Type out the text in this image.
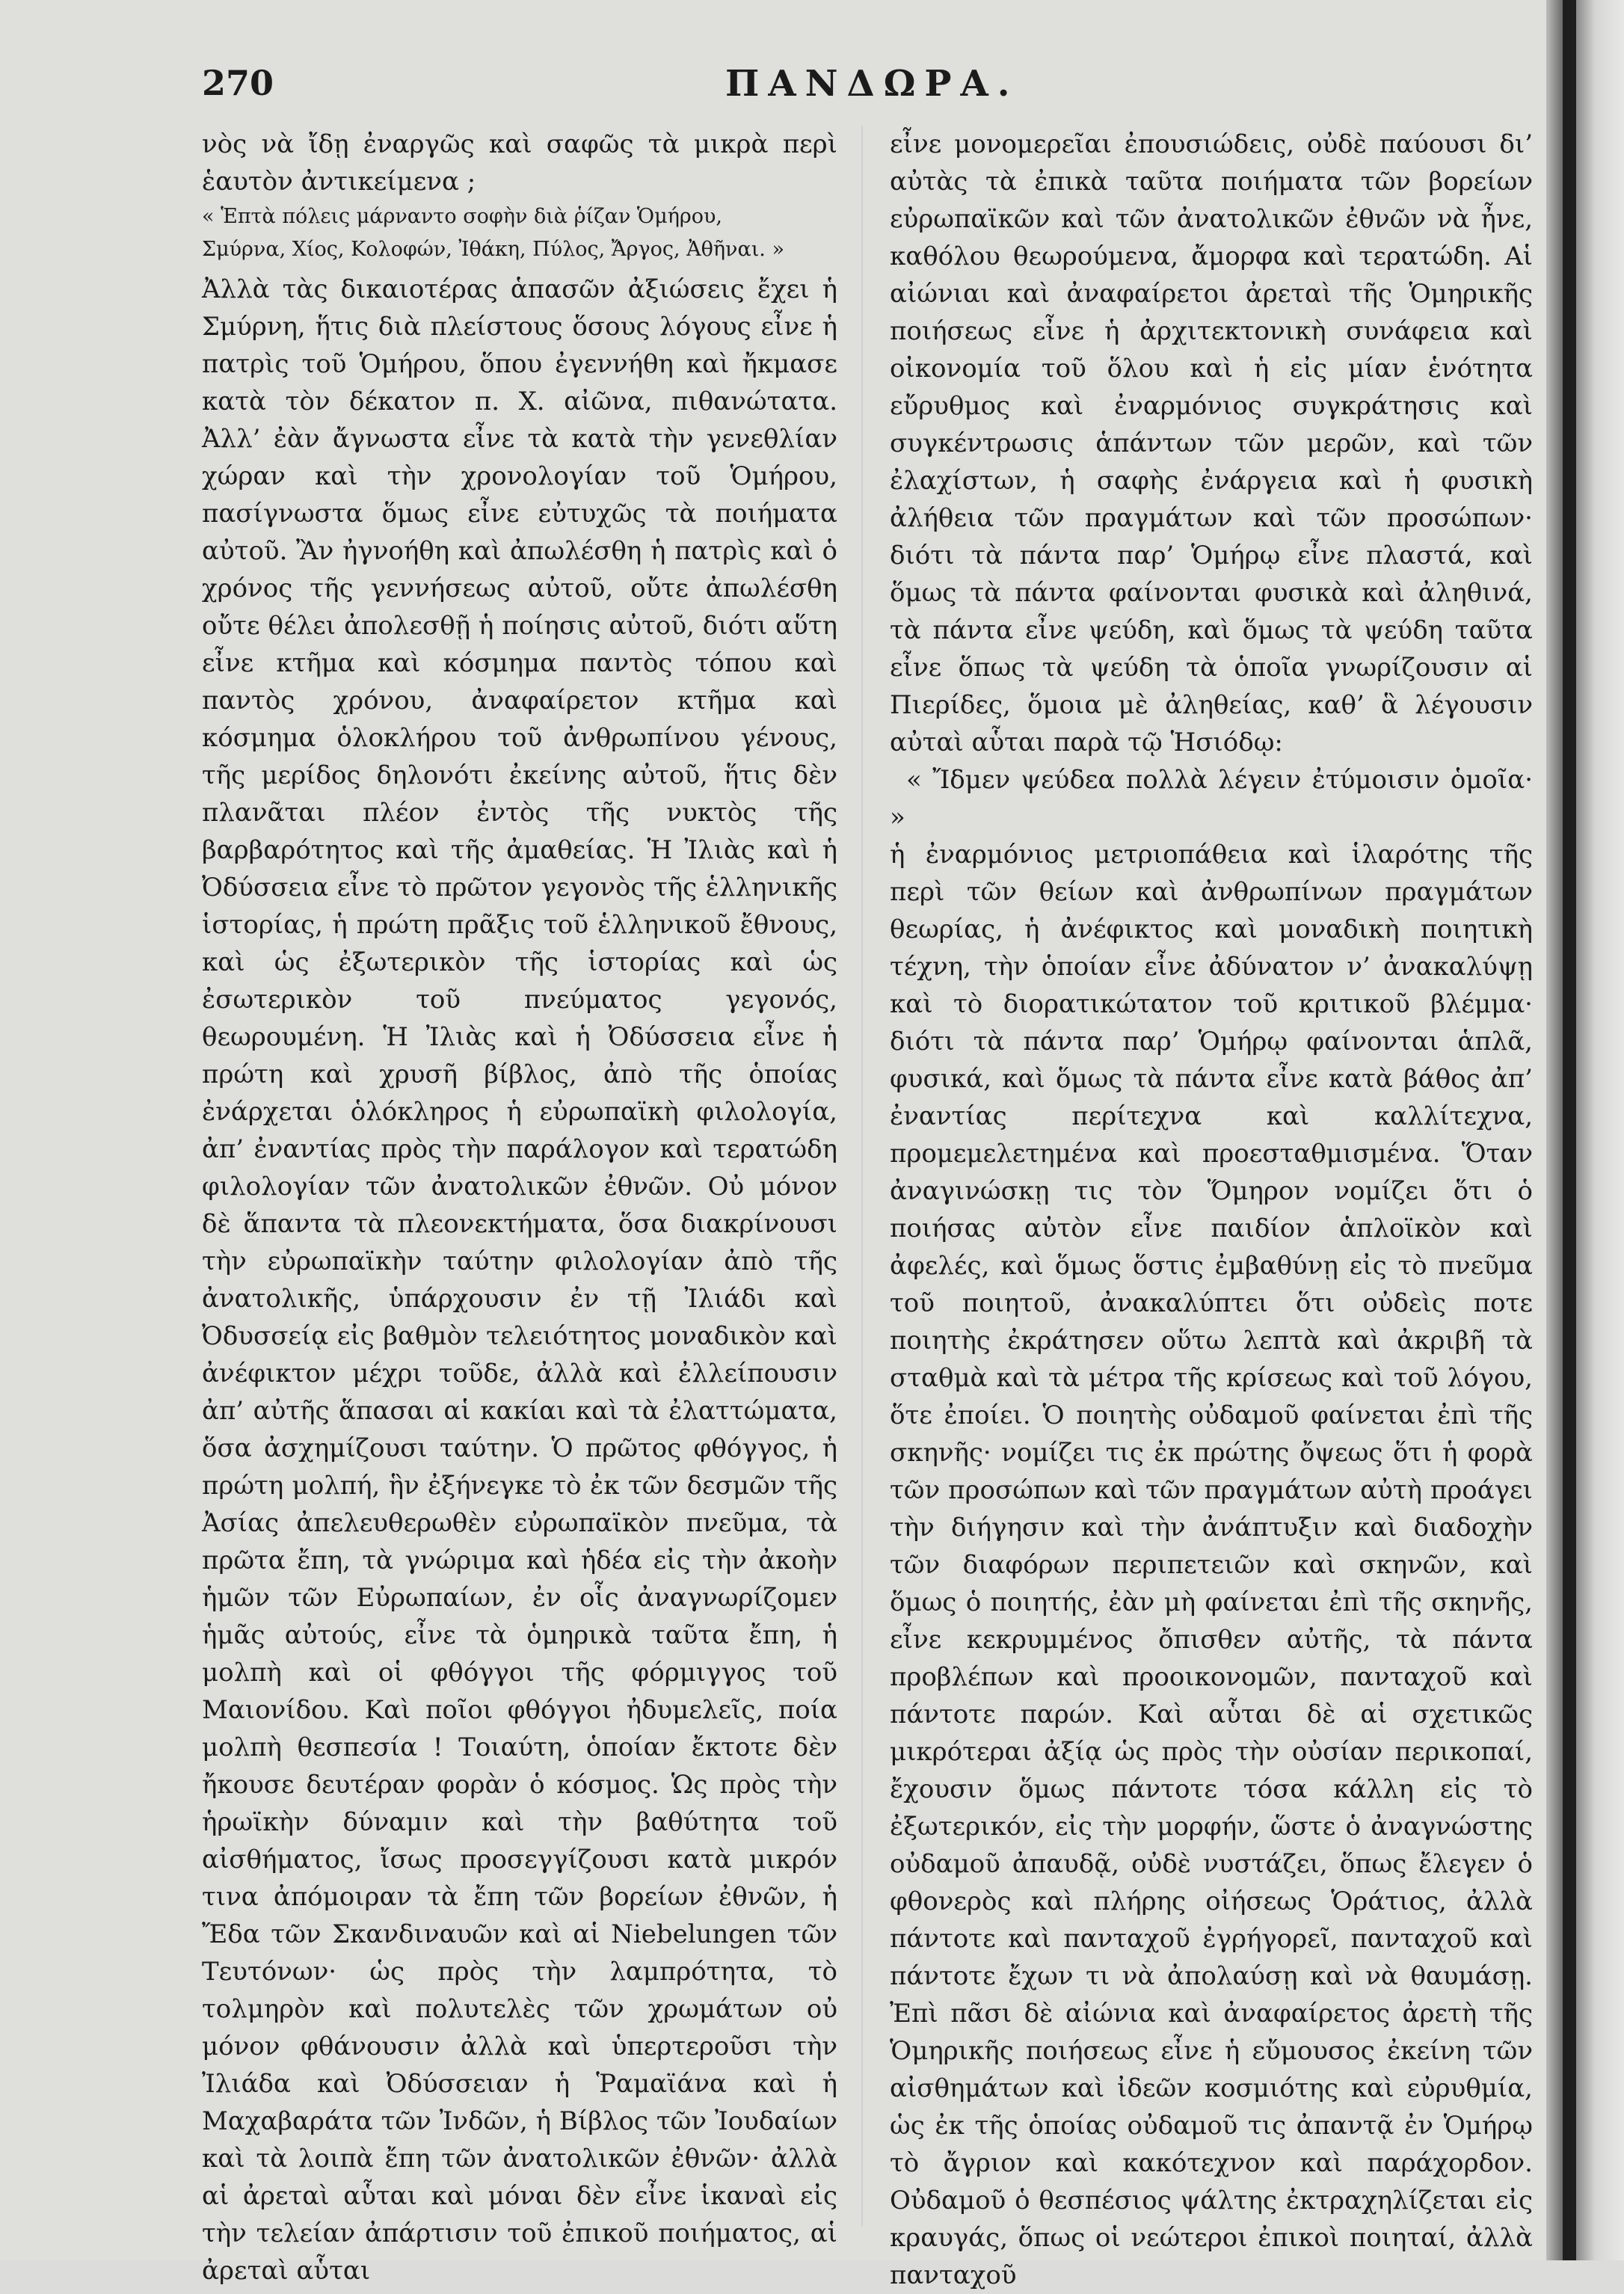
270	ΠΑΝΔΩΡΑ.

νὸς νὰ ἴδῃ ἐναργῶς καὶ σαφῶς τὰ μικρὰ περὶ ἑαυτὸν ἀντικείμενα ;

« Ἑπτὰ πόλεις μάρναντο σοφὴν διὰ ῥίζαν Ὁμήρου,
Σμύρνα, Χίος, Κολοφών, Ἰθάκη, Πύλος, Ἄργος, Ἀθῆναι. »

Ἀλλὰ τὰς δικαιοτέρας ἁπασῶν ἀξιώσεις ἔχει ἡ Σμύρνη, ἥτις διὰ πλείστους ὅσους λόγους εἶνε ἡ πατρὶς τοῦ Ὁμήρου, ὅπου ἐγεννήθη καὶ ἤκμασε κατὰ τὸν δέκατον π. Χ. αἰῶνα, πιθανώτατα. Ἀλλ’ ἐὰν ἄγνωστα εἶνε τὰ κατὰ τὴν γενεθλίαν χώραν καὶ τὴν χρονολογίαν τοῦ Ὁμήρου, πασίγνωστα ὅμως εἶνε εὐτυχῶς τὰ ποιήματα αὐτοῦ. Ἂν ἠγνοήθη καὶ ἀπωλέσθη ἡ πατρὶς καὶ ὁ χρόνος τῆς γεννήσεως αὐτοῦ, οὔτε ἀπωλέσθη οὔτε θέλει ἀπολεσθῇ ἡ ποίησις αὐτοῦ, διότι αὕτη εἶνε κτῆμα καὶ κόσμημα παντὸς τόπου καὶ παντὸς χρόνου, ἀναφαίρετον κτῆμα καὶ κόσμημα ὁλοκλήρου τοῦ ἀνθρωπίνου γένους, τῆς μερίδος δηλονότι ἐκείνης αὐτοῦ, ἥτις δὲν πλανᾶται πλέον ἐντὸς τῆς νυκτὸς τῆς βαρβαρότητος καὶ τῆς ἀμαθείας. Ἡ Ἰλιὰς καὶ ἡ Ὀδύσσεια εἶνε τὸ πρῶτον γεγονὸς τῆς ἑλληνικῆς ἱστορίας, ἡ πρώτη πρᾶξις τοῦ ἑλληνικοῦ ἔθνους, καὶ ὡς ἐξωτερικὸν τῆς ἱστορίας καὶ ὡς ἐσωτερικὸν τοῦ πνεύματος γεγονός, θεωρουμένη. Ἡ Ἰλιὰς καὶ ἡ Ὀδύσσεια εἶνε ἡ πρώτη καὶ χρυσῆ βίβλος, ἀπὸ τῆς ὁποίας ἐνάρχεται ὁλόκληρος ἡ εὐρωπαϊκὴ φιλολογία, ἀπ’ ἐναντίας πρὸς τὴν παράλογον καὶ τερατώδη φιλολογίαν τῶν ἀνατολικῶν ἐθνῶν. Οὐ μόνον δὲ ἅπαντα τὰ πλεονεκτήματα, ὅσα διακρίνουσι τὴν εὐρωπαϊκὴν ταύτην φιλολογίαν ἀπὸ τῆς ἀνατολικῆς, ὑπάρχουσιν ἐν τῇ Ἰλιάδι καὶ Ὀδυσσείᾳ εἰς βαθμὸν τελειότητος μοναδικὸν καὶ ἀνέφικτον μέχρι τοῦδε, ἀλλὰ καὶ ἐλλείπουσιν ἀπ’ αὐτῆς ἅπασαι αἱ κακίαι καὶ τὰ ἐλαττώματα, ὅσα ἀσχημίζουσι ταύτην. Ὁ πρῶτος φθόγγος, ἡ πρώτη μολπή, ἣν ἐξήνεγκε τὸ ἐκ τῶν δεσμῶν τῆς Ἀσίας ἀπελευθερωθὲν εὐρωπαϊκὸν πνεῦμα, τὰ πρῶτα ἔπη, τὰ γνώριμα καὶ ἡδέα εἰς τὴν ἀκοὴν ἡμῶν τῶν Εὐρωπαίων, ἐν οἷς ἀναγνωρίζομεν ἡμᾶς αὐτούς, εἶνε τὰ ὁμηρικὰ ταῦτα ἔπη, ἡ μολπὴ καὶ οἱ φθόγγοι τῆς φόρμιγγος τοῦ Μαιονίδου. Καὶ ποῖοι φθόγγοι ἠδυμελεῖς, ποία μολπὴ θεσπεσία ! Τοιαύτη, ὁποίαν ἔκτοτε δὲν ἤκουσε δευτέραν φορὰν ὁ κόσμος. Ὡς πρὸς τὴν ἡρωϊκὴν δύναμιν καὶ τὴν βαθύτητα τοῦ αἰσθήματος, ἴσως προσεγγίζουσι κατὰ μικρόν τινα ἀπόμοιραν τὰ ἔπη τῶν βορείων ἐθνῶν, ἡ Ἔδα τῶν Σκανδιναυῶν καὶ αἱ Niebelungen τῶν Τευτόνων· ὡς πρὸς τὴν λαμπρότητα, τὸ τολμηρὸν καὶ πολυτελὲς τῶν χρωμάτων οὐ μόνον φθάνουσιν ἀλλὰ καὶ ὑπερτεροῦσι τὴν Ἰλιάδα καὶ Ὀδύσσειαν ἡ Ῥαμαϊάνα καὶ ἡ Μαχαβαράτα τῶν Ἰνδῶν, ἡ Βίβλος τῶν Ἰουδαίων καὶ τὰ λοιπὰ ἔπη τῶν ἀνατολικῶν ἐθνῶν· ἀλλὰ αἱ ἀρεταὶ αὗται καὶ μόναι δὲν εἶνε ἱκαναὶ εἰς τὴν τελείαν ἀπάρτισιν τοῦ ἐπικοῦ ποιήματος, αἱ ἀρεταὶ αὗται

εἶνε μονομερεῖαι ἐπουσιώδεις, οὐδὲ παύουσι δι’ αὐτὰς τὰ ἐπικὰ ταῦτα ποιήματα τῶν βορείων εὐρωπαϊκῶν καὶ τῶν ἀνατολικῶν ἐθνῶν νὰ ἦνε, καθόλου θεωρούμενα, ἄμορφα καὶ τερατώδη. Αἱ αἰώνιαι καὶ ἀναφαίρετοι ἀρεταὶ τῆς Ὁμηρικῆς ποιήσεως εἶνε ἡ ἀρχιτεκτονικὴ συνάφεια καὶ οἰκονομία τοῦ ὅλου καὶ ἡ εἰς μίαν ἑνότητα εὔρυθμος καὶ ἐναρμόνιος συγκράτησις καὶ συγκέντρωσις ἁπάντων τῶν μερῶν, καὶ τῶν ἐλαχίστων, ἡ σαφὴς ἐνάργεια καὶ ἡ φυσικὴ ἀλήθεια τῶν πραγμάτων καὶ τῶν προσώπων· διότι τὰ πάντα παρ’ Ὁμήρῳ εἶνε πλαστά, καὶ ὅμως τὰ πάντα φαίνονται φυσικὰ καὶ ἀληθινά, τὰ πάντα εἶνε ψεύδη, καὶ ὅμως τὰ ψεύδη ταῦτα εἶνε ὅπως τὰ ψεύδη τὰ ὁποῖα γνωρίζουσιν αἱ Πιερίδες, ὅμοια μὲ ἀληθείας, καθ’ ἃ λέγουσιν αὐταὶ αὗται παρὰ τῷ Ἡσιόδῳ:

« Ἴδμεν ψεύδεα πολλὰ λέγειν ἐτύμοισιν ὁμοῖα· »

ἡ ἐναρμόνιος μετριοπάθεια καὶ ἱλαρότης τῆς περὶ τῶν θείων καὶ ἀνθρωπίνων πραγμάτων θεωρίας, ἡ ἀνέφικτος καὶ μοναδικὴ ποιητικὴ τέχνη, τὴν ὁποίαν εἶνε ἀδύνατον ν’ ἀνακαλύψῃ καὶ τὸ διορατικώτατον τοῦ κριτικοῦ βλέμμα· διότι τὰ πάντα παρ’ Ὁμήρῳ φαίνονται ἁπλᾶ, φυσικά, καὶ ὅμως τὰ πάντα εἶνε κατὰ βάθος ἀπ’ ἐναντίας περίτεχνα καὶ καλλίτεχνα, προμεμελετημένα καὶ προεσταθμισμένα. Ὅταν ἀναγινώσκῃ τις τὸν Ὅμηρον νομίζει ὅτι ὁ ποιήσας αὐτὸν εἶνε παιδίον ἁπλοϊκὸν καὶ ἀφελές, καὶ ὅμως ὅστις ἐμβαθύνῃ εἰς τὸ πνεῦμα τοῦ ποιητοῦ, ἀνακαλύπτει ὅτι οὐδεὶς ποτε ποιητὴς ἐκράτησεν οὕτω λεπτὰ καὶ ἀκριβῆ τὰ σταθμὰ καὶ τὰ μέτρα τῆς κρίσεως καὶ τοῦ λόγου, ὅτε ἐποίει. Ὁ ποιητὴς οὐδαμοῦ φαίνεται ἐπὶ τῆς σκηνῆς· νομίζει τις ἐκ πρώτης ὄψεως ὅτι ἡ φορὰ τῶν προσώπων καὶ τῶν πραγμάτων αὐτὴ προάγει τὴν διήγησιν καὶ τὴν ἀνάπτυξιν καὶ διαδοχὴν τῶν διαφόρων περιπετειῶν καὶ σκηνῶν, καὶ ὅμως ὁ ποιητής, ἐὰν μὴ φαίνεται ἐπὶ τῆς σκηνῆς, εἶνε κεκρυμμένος ὄπισθεν αὐτῆς, τὰ πάντα προβλέπων καὶ προοικονομῶν, πανταχοῦ καὶ πάντοτε παρών. Καὶ αὗται δὲ αἱ σχετικῶς μικρότεραι ἀξίᾳ ὡς πρὸς τὴν οὐσίαν περικοπαί, ἔχουσιν ὅμως πάντοτε τόσα κάλλη εἰς τὸ ἐξωτερικόν, εἰς τὴν μορφήν, ὥστε ὁ ἀναγνώστης οὐδαμοῦ ἀπαυδᾷ, οὐδὲ νυστάζει, ὅπως ἔλεγεν ὁ φθονερὸς καὶ πλήρης οἰήσεως Ὁράτιος, ἀλλὰ πάντοτε καὶ πανταχοῦ ἐγρήγορεῖ, πανταχοῦ καὶ πάντοτε ἔχων τι νὰ ἀπολαύσῃ καὶ νὰ θαυμάσῃ. Ἐπὶ πᾶσι δὲ αἰώνια καὶ ἀναφαίρετος ἀρετὴ τῆς Ὁμηρικῆς ποιήσεως εἶνε ἡ εὔμουσος ἐκείνη τῶν αἰσθημάτων καὶ ἰδεῶν κοσμιότης καὶ εὐρυθμία, ὡς ἐκ τῆς ὁποίας οὐδαμοῦ τις ἀπαντᾷ ἐν Ὁμήρῳ τὸ ἄγριον καὶ κακότεχνον καὶ παράχορδον. Οὐδαμοῦ ὁ θεσπέσιος ψάλτης ἐκτραχηλίζεται εἰς κραυγάς, ὅπως οἱ νεώτεροι ἐπικοὶ ποιηταί, ἀλλὰ πανταχοῦ
